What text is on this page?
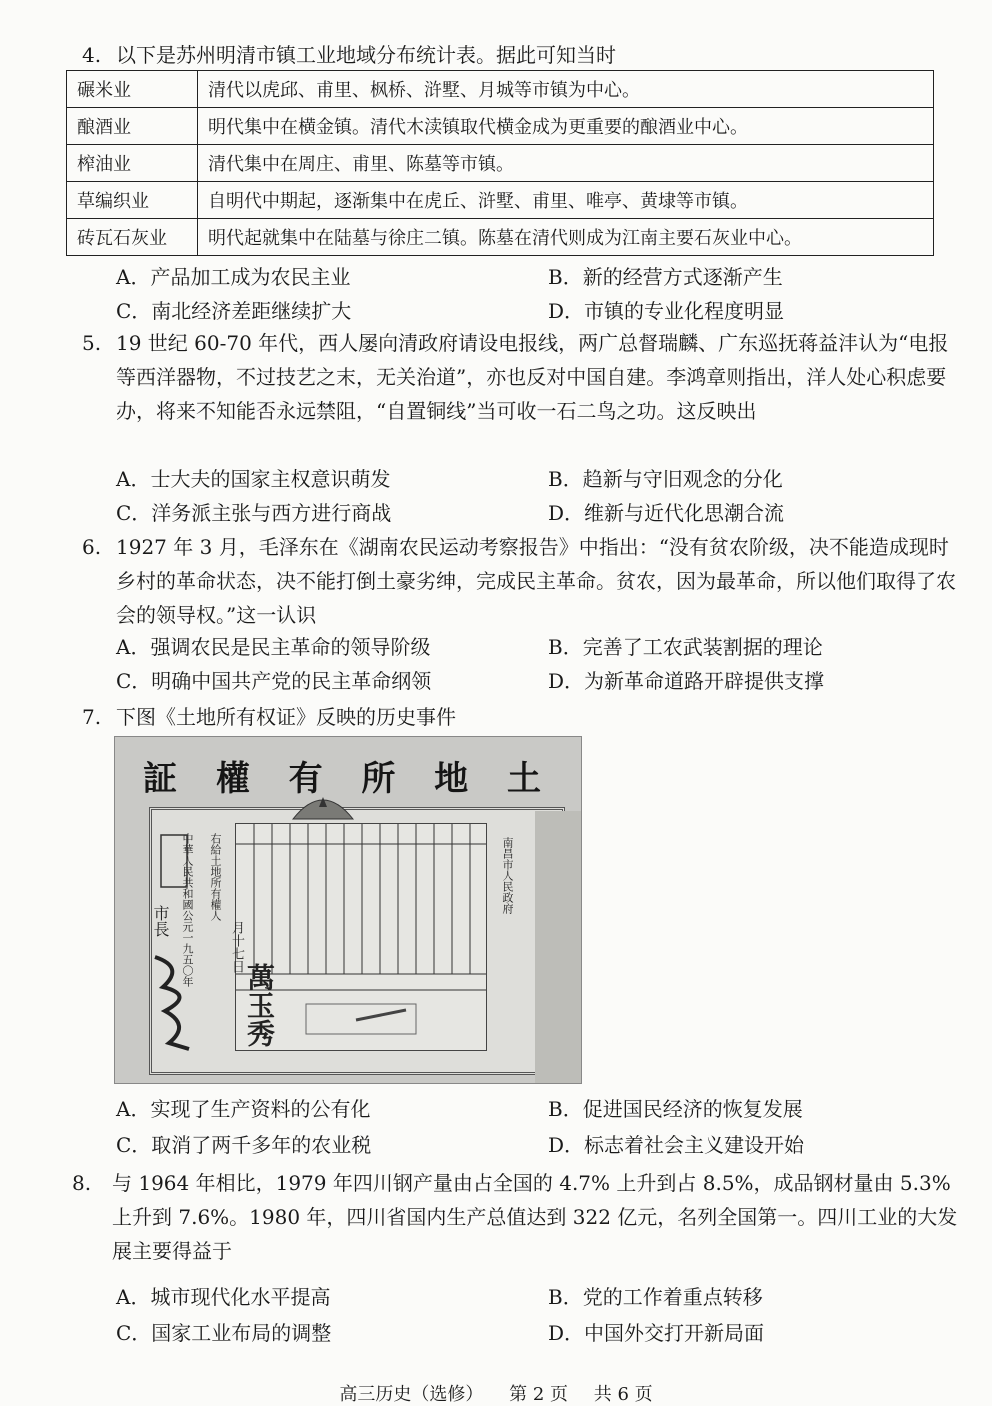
4. 以下是苏州明清市镇工业地域分布统计表。据此可知当时
碾米业	清代以虎邱、甫里、枫桥、浒墅、月城等市镇为中心。
酿酒业	明代集中在横金镇。清代木渎镇取代横金成为更重要的酿酒业中心。
榨油业	清代集中在周庄、甫里、陈墓等市镇。
草编织业	自明代中期起，逐渐集中在虎丘、浒墅、甫里、唯亭、黄埭等市镇。
砖瓦石灰业	明代起就集中在陆墓与徐庄二镇。陈墓在清代则成为江南主要石灰业中心。
A．产品加工成为农民主业	B．新的经营方式逐渐产生
C．南北经济差距继续扩大	D．市镇的专业化程度明显
5. 19 世纪 60-70 年代，西人屡向清政府请设电报线，两广总督瑞麟、广东巡抚蒋益沣认为“电报等西洋器物，不过技艺之末，无关治道”，亦也反对中国自建。李鸿章则指出，洋人处心积虑要办，将来不知能否永远禁阻，“自置铜线”当可收一石二鸟之功。这反映出
A．士大夫的国家主权意识萌发	B．趋新与守旧观念的分化
C．洋务派主张与西方进行商战	D．维新与近代化思潮合流
6. 1927 年 3 月，毛泽东在《湖南农民运动考察报告》中指出：“没有贫农阶级，决不能造成现时乡村的革命状态，决不能打倒土豪劣绅，完成民主革命。贫农，因为最革命，所以他们取得了农会的领导权。”这一认识
A．强调农民是民主革命的领导阶级	B．完善了工农武装割据的理论
C．明确中国共产党的民主革命纲领	D．为新革命道路开辟提供支撑
7. 下图《土地所有权证》反映的历史事件
証 權 有 所 地 土
右給土地所有權人
中華人民共和國公元一九五〇年	月十七日
萬玉秀
市長
南昌市人民政府
A．实现了生产资料的公有化	B．促进国民经济的恢复发展
C．取消了两千多年的农业税	D．标志着社会主义建设开始
8. 与 1964 年相比，1979 年四川钢产量由占全国的 4.7% 上升到占 8.5%，成品钢材量由 5.3% 上升到 7.6%。1980 年，四川省国内生产总值达到 322 亿元，名列全国第一。四川工业的大发展主要得益于
A．城市现代化水平提高	B．党的工作着重点转移
C．国家工业布局的调整	D．中国外交打开新局面
高三历史（选修） 第 2 页 共 6 页
